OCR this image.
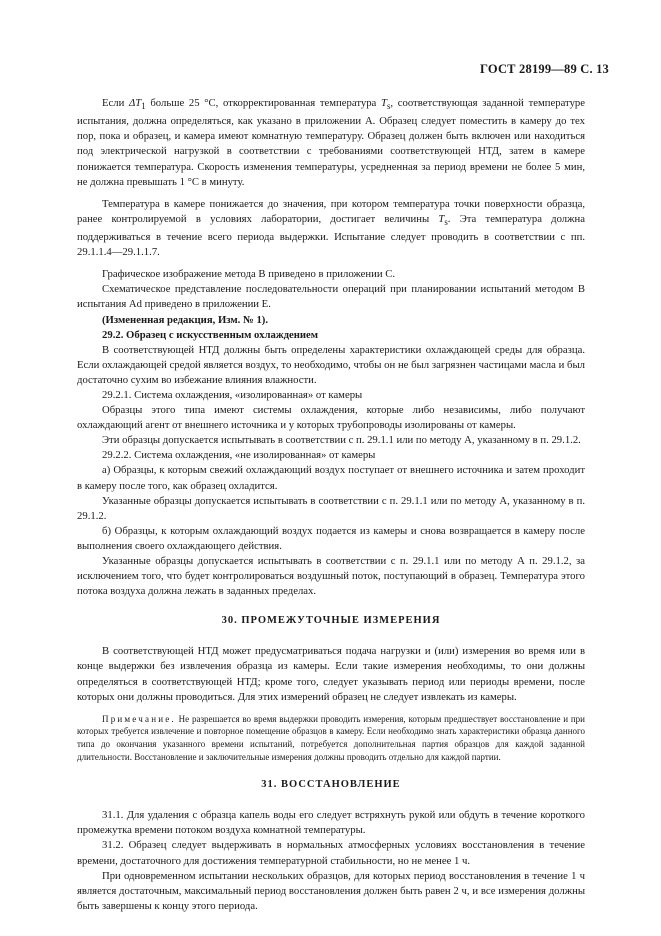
ГОСТ 28199—89 С. 13

Если $\Delta T_1$ больше 25 °С, откорректированная температура $T_s$, соответствующая заданной температуре испытания, должна определяться, как указано в приложении А. Образец следует поместить в камеру до тех пор, пока и образец, и камера имеют комнатную температуру. Образец должен быть включен или находиться под электрической нагрузкой в соответствии с требованиями соответствующей НТД, затем в камере понижается температура. Скорость изменения температуры, усредненная за период времени не более 5 мин, не должна превышать 1 °С в минуту.

Температура в камере понижается до значения, при котором температура точки поверхности образца, ранее контролируемой в условиях лаборатории, достигает величины $T_s$. Эта температура должна поддерживаться в течение всего периода выдержки. Испытание следует проводить в соответствии с пп. 29.1.1.4—29.1.1.7.

Графическое изображение метода В приведено в приложении С.

Схематическое представление последовательности операций при планировании испытаний методом В испытания Ad приведено в приложении Е.

(Измененная редакция, Изм. № 1).

29.2. Образец с искусственным охлаждением

В соответствующей НТД должны быть определены характеристики охлаждающей среды для образца. Если охлаждающей средой является воздух, то необходимо, чтобы он не был загрязнен частицами масла и был достаточно сухим во избежание влияния влажности.

29.2.1. Система охлаждения, «изолированная» от камеры

Образцы этого типа имеют системы охлаждения, которые либо независимы, либо получают охлаждающий агент от внешнего источника и у которых трубопроводы изолированы от камеры.

Эти образцы допускается испытывать в соответствии с п. 29.1.1 или по методу А, указанному в п. 29.1.2.

29.2.2. Система охлаждения, «не изолированная» от камеры

а) Образцы, к которым свежий охлаждающий воздух поступает от внешнего источника и затем проходит в камеру после того, как образец охладится.

Указанные образцы допускается испытывать в соответствии с п. 29.1.1 или по методу А, указанному в п. 29.1.2.

б) Образцы, к которым охлаждающий воздух подается из камеры и снова возвращается в камеру после выполнения своего охлаждающего действия.

Указанные образцы допускается испытывать в соответствии с п. 29.1.1 или по методу А п. 29.1.2, за исключением того, что будет контролироваться воздушный поток, поступающий в образец. Температура этого потока воздуха должна лежать в заданных пределах.

30. ПРОМЕЖУТОЧНЫЕ ИЗМЕРЕНИЯ

В соответствующей НТД может предусматриваться подача нагрузки и (или) измерения во время или в конце выдержки без извлечения образца из камеры. Если такие измерения необходимы, то они должны определяться в соответствующей НТД; кроме того, следует указывать период или периоды времени, после которых они должны проводиться. Для этих измерений образец не следует извлекать из камеры.

Примечание. Не разрешается во время выдержки проводить измерения, которым предшествует восстановление и при которых требуется извлечение и повторное помещение образцов в камеру. Если необходимо знать характеристики образца данного типа до окончания указанного времени испытаний, потребуется дополнительная партия образцов для каждой заданной длительности. Восстановление и заключительные измерения должны проводить отдельно для каждой партии.
31. ВОССТАНОВЛЕНИЕ

31.1. Для удаления с образца капель воды его следует встряхнуть рукой или обдуть в течение короткого промежутка времени потоком воздуха комнатной температуры.

31.2. Образец следует выдерживать в нормальных атмосферных условиях восстановления в течение времени, достаточного для достижения температурной стабильности, но не менее 1 ч.

При одновременном испытании нескольких образцов, для которых период восстановления в течение 1 ч является достаточным, максимальный период восстановления должен быть равен 2 ч, и все измерения должны быть завершены к концу этого периода.
